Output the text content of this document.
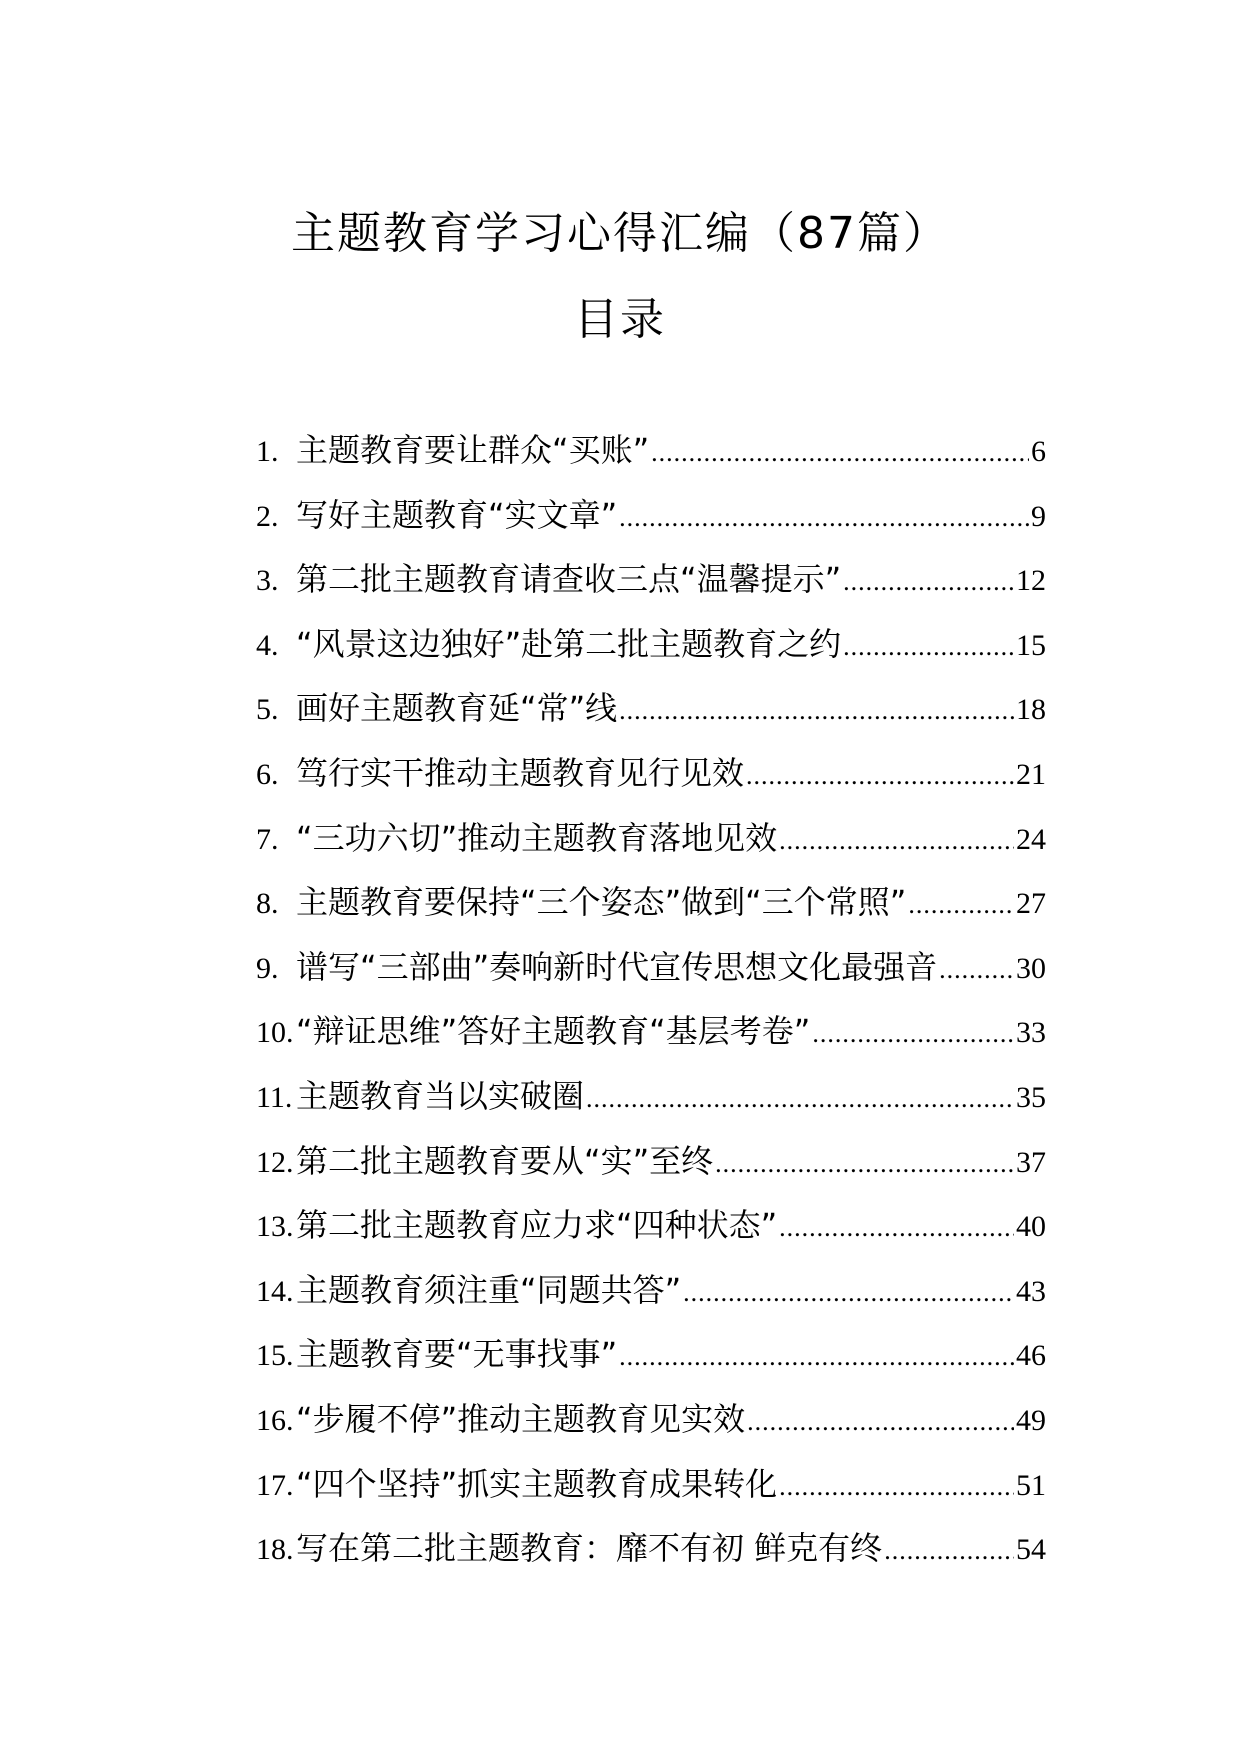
主题教育学习心得汇编（87篇）
目录
1. 主题教育要让群众“买账” .....	6
2. 写好主题教育“实文章” .....	9
3. 第二批主题教育请查收三点“温馨提示” .....	12
4. “风景这边独好”赴第二批主题教育之约 .....	15
5. 画好主题教育延“常”线 .....	18
6. 笃行实干推动主题教育见行见效 .....	21
7. “三功六切”推动主题教育落地见效 .....	24
8. 主题教育要保持“三个姿态”做到“三个常照” .....	27
9. 谱写“三部曲”奏响新时代宣传思想文化最强音 .....	30
10. “辩证思维”答好主题教育“基层考卷” .....	33
11. 主题教育当以实破圈 .....	35
12. 第二批主题教育要从“实”至终 .....	37
13. 第二批主题教育应力求“四种状态” .....	40
14. 主题教育须注重“同题共答” .....	43
15. 主题教育要“无事找事” .....	46
16. “步履不停”推动主题教育见实效 .....	49
17. “四个坚持”抓实主题教育成果转化 .....	51
18. 写在第二批主题教育：靡不有初 鲜克有终 .....	54
